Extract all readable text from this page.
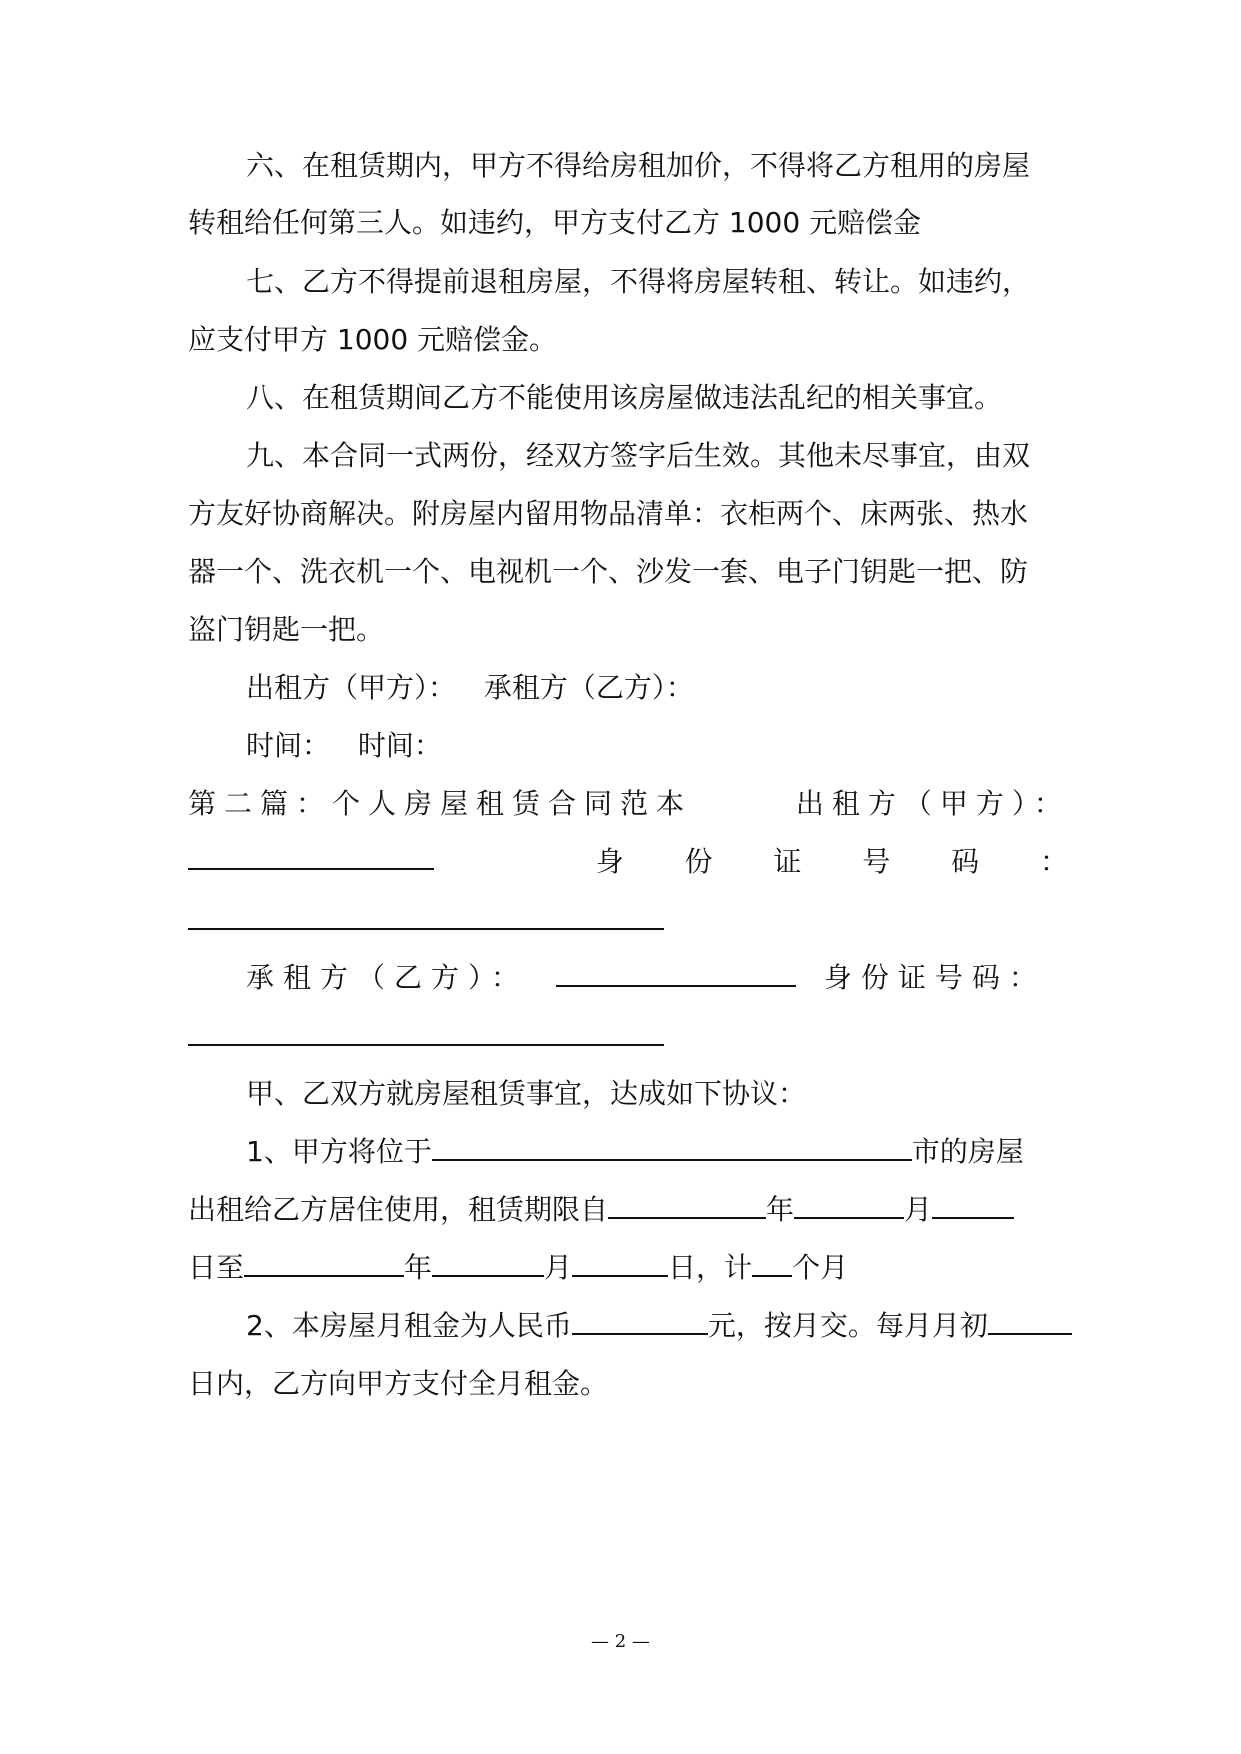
六、在租赁期内，甲方不得给房租加价，不得将乙方租用的房屋
转租给任何第三人。如违约，甲方支付乙方 1000 元赔偿金
七、乙方不得提前退租房屋，不得将房屋转租、转让。如违约，
应支付甲方 1000 元赔偿金。
八、在租赁期间乙方不能使用该房屋做违法乱纪的相关事宜。
九、本合同一式两份，经双方签字后生效。其他未尽事宜，由双
方友好协商解决。附房屋内留用物品清单：衣柜两个、床两张、热水
器一个、洗衣机一个、电视机一个、沙发一套、电子门钥匙一把、防
盗门钥匙一把。
出租方（甲方）： 承租方（乙方）：
时间： 时间：
第二篇：个人房屋租赁合同范本	出租方（甲方）：
身 份 证 号 码 ：
承租方（乙方）：	身份证号码：
甲、乙双方就房屋租赁事宜，达成如下协议：
1、甲方将位于	市的房屋
出租给乙方居住使用，租赁期限自	年	月
日至	年	月	日，计 个月
2、本房屋月租金为人民币	元，按月交。每月月初
日内，乙方向甲方支付全月租金。
— 2 —
